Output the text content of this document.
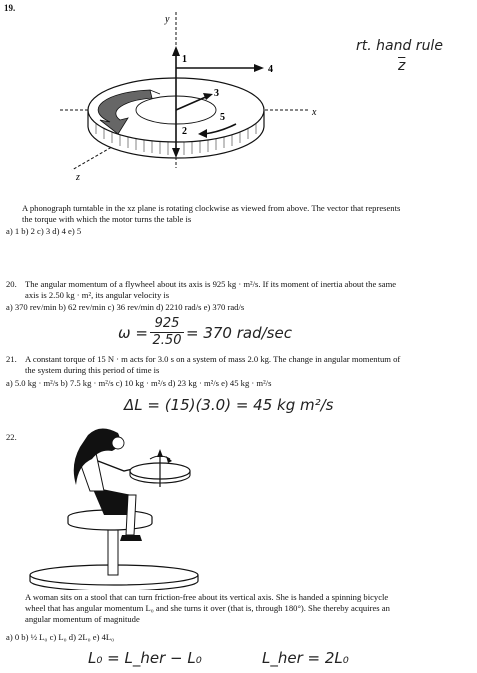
19.
y
x
z
1
4
3
2
5
rt. hand rule
$\overline{z}$
A phonograph turntable in the xz plane is rotating clockwise as viewed from above. The vector that represents
the torque with which the motor turns the table is
a) 1 b) 2 c) 3 d) 4 e) 5
20. The angular momentum of a flywheel about its axis is 925 kg · m²/s. If its moment of inertia about the same
axis is 2.50 kg · m², its angular velocity is
a) 370 rev/min b) 62 rev/min c) 36 rev/min d) 2210 rad/s e) 370 rad/s
ω =
925
2.50 = 370 rad/sec
21. A constant torque of 15 N · m acts for 3.0 s on a system of mass 2.0 kg. The change in angular momentum of
the system during this period of time is
a) 5.0 kg · m²/s b) 7.5 kg · m²/s c) 10 kg · m²/s d) 23 kg · m²/s e) 45 kg · m²/s
ΔL = (15)(3.0) = 45 kg m²/s
22.
A woman sits on a stool that can turn friction-free about its vertical axis. She is handed a spinning bicycle
wheel that has angular momentum L₀ and she turns it over (that is, through 180°). She thereby acquires an
angular momentum of magnitude
a) 0 b) ½ L₀ c) L₀ d) 2L₀ e) 4L₀
L₀ = L_her − L₀	L_her = 2L₀
